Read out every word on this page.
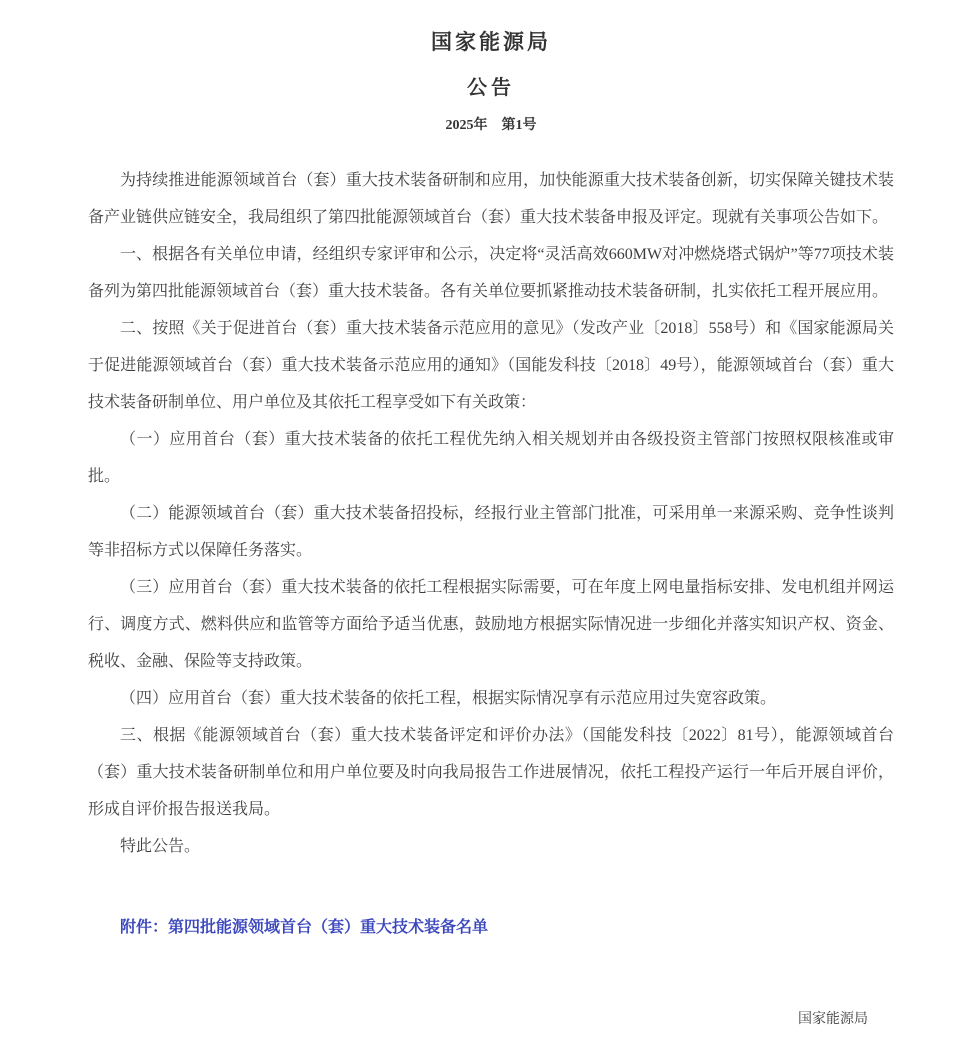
国家能源局
公告
2025年　第1号

为持续推进能源领域首台（套）重大技术装备研制和应用，加快能源重大技术装备创新，切实保障关键技术装备产业链供应链安全，我局组织了第四批能源领域首台（套）重大技术装备申报及评定。现就有关事项公告如下。

一、根据各有关单位申请，经组织专家评审和公示，决定将“灵活高效660MW对冲燃烧塔式锅炉”等77项技术装备列为第四批能源领域首台（套）重大技术装备。各有关单位要抓紧推动技术装备研制，扎实依托工程开展应用。

二、按照《关于促进首台（套）重大技术装备示范应用的意见》（发改产业〔2018〕558号）和《国家能源局关于促进能源领域首台（套）重大技术装备示范应用的通知》（国能发科技〔2018〕49号），能源领域首台（套）重大技术装备研制单位、用户单位及其依托工程享受如下有关政策：

（一）应用首台（套）重大技术装备的依托工程优先纳入相关规划并由各级投资主管部门按照权限核准或审批。

（二）能源领域首台（套）重大技术装备招投标，经报行业主管部门批准，可采用单一来源采购、竞争性谈判等非招标方式以保障任务落实。

（三）应用首台（套）重大技术装备的依托工程根据实际需要，可在年度上网电量指标安排、发电机组并网运行、调度方式、燃料供应和监管等方面给予适当优惠，鼓励地方根据实际情况进一步细化并落实知识产权、资金、税收、金融、保险等支持政策。

（四）应用首台（套）重大技术装备的依托工程，根据实际情况享有示范应用过失宽容政策。

三、根据《能源领域首台（套）重大技术装备评定和评价办法》（国能发科技〔2022〕81号），能源领域首台（套）重大技术装备研制单位和用户单位要及时向我局报告工作进展情况，依托工程投产运行一年后开展自评价，形成自评价报告报送我局。

特此公告。

附件：第四批能源领域首台（套）重大技术装备名单

国家能源局
